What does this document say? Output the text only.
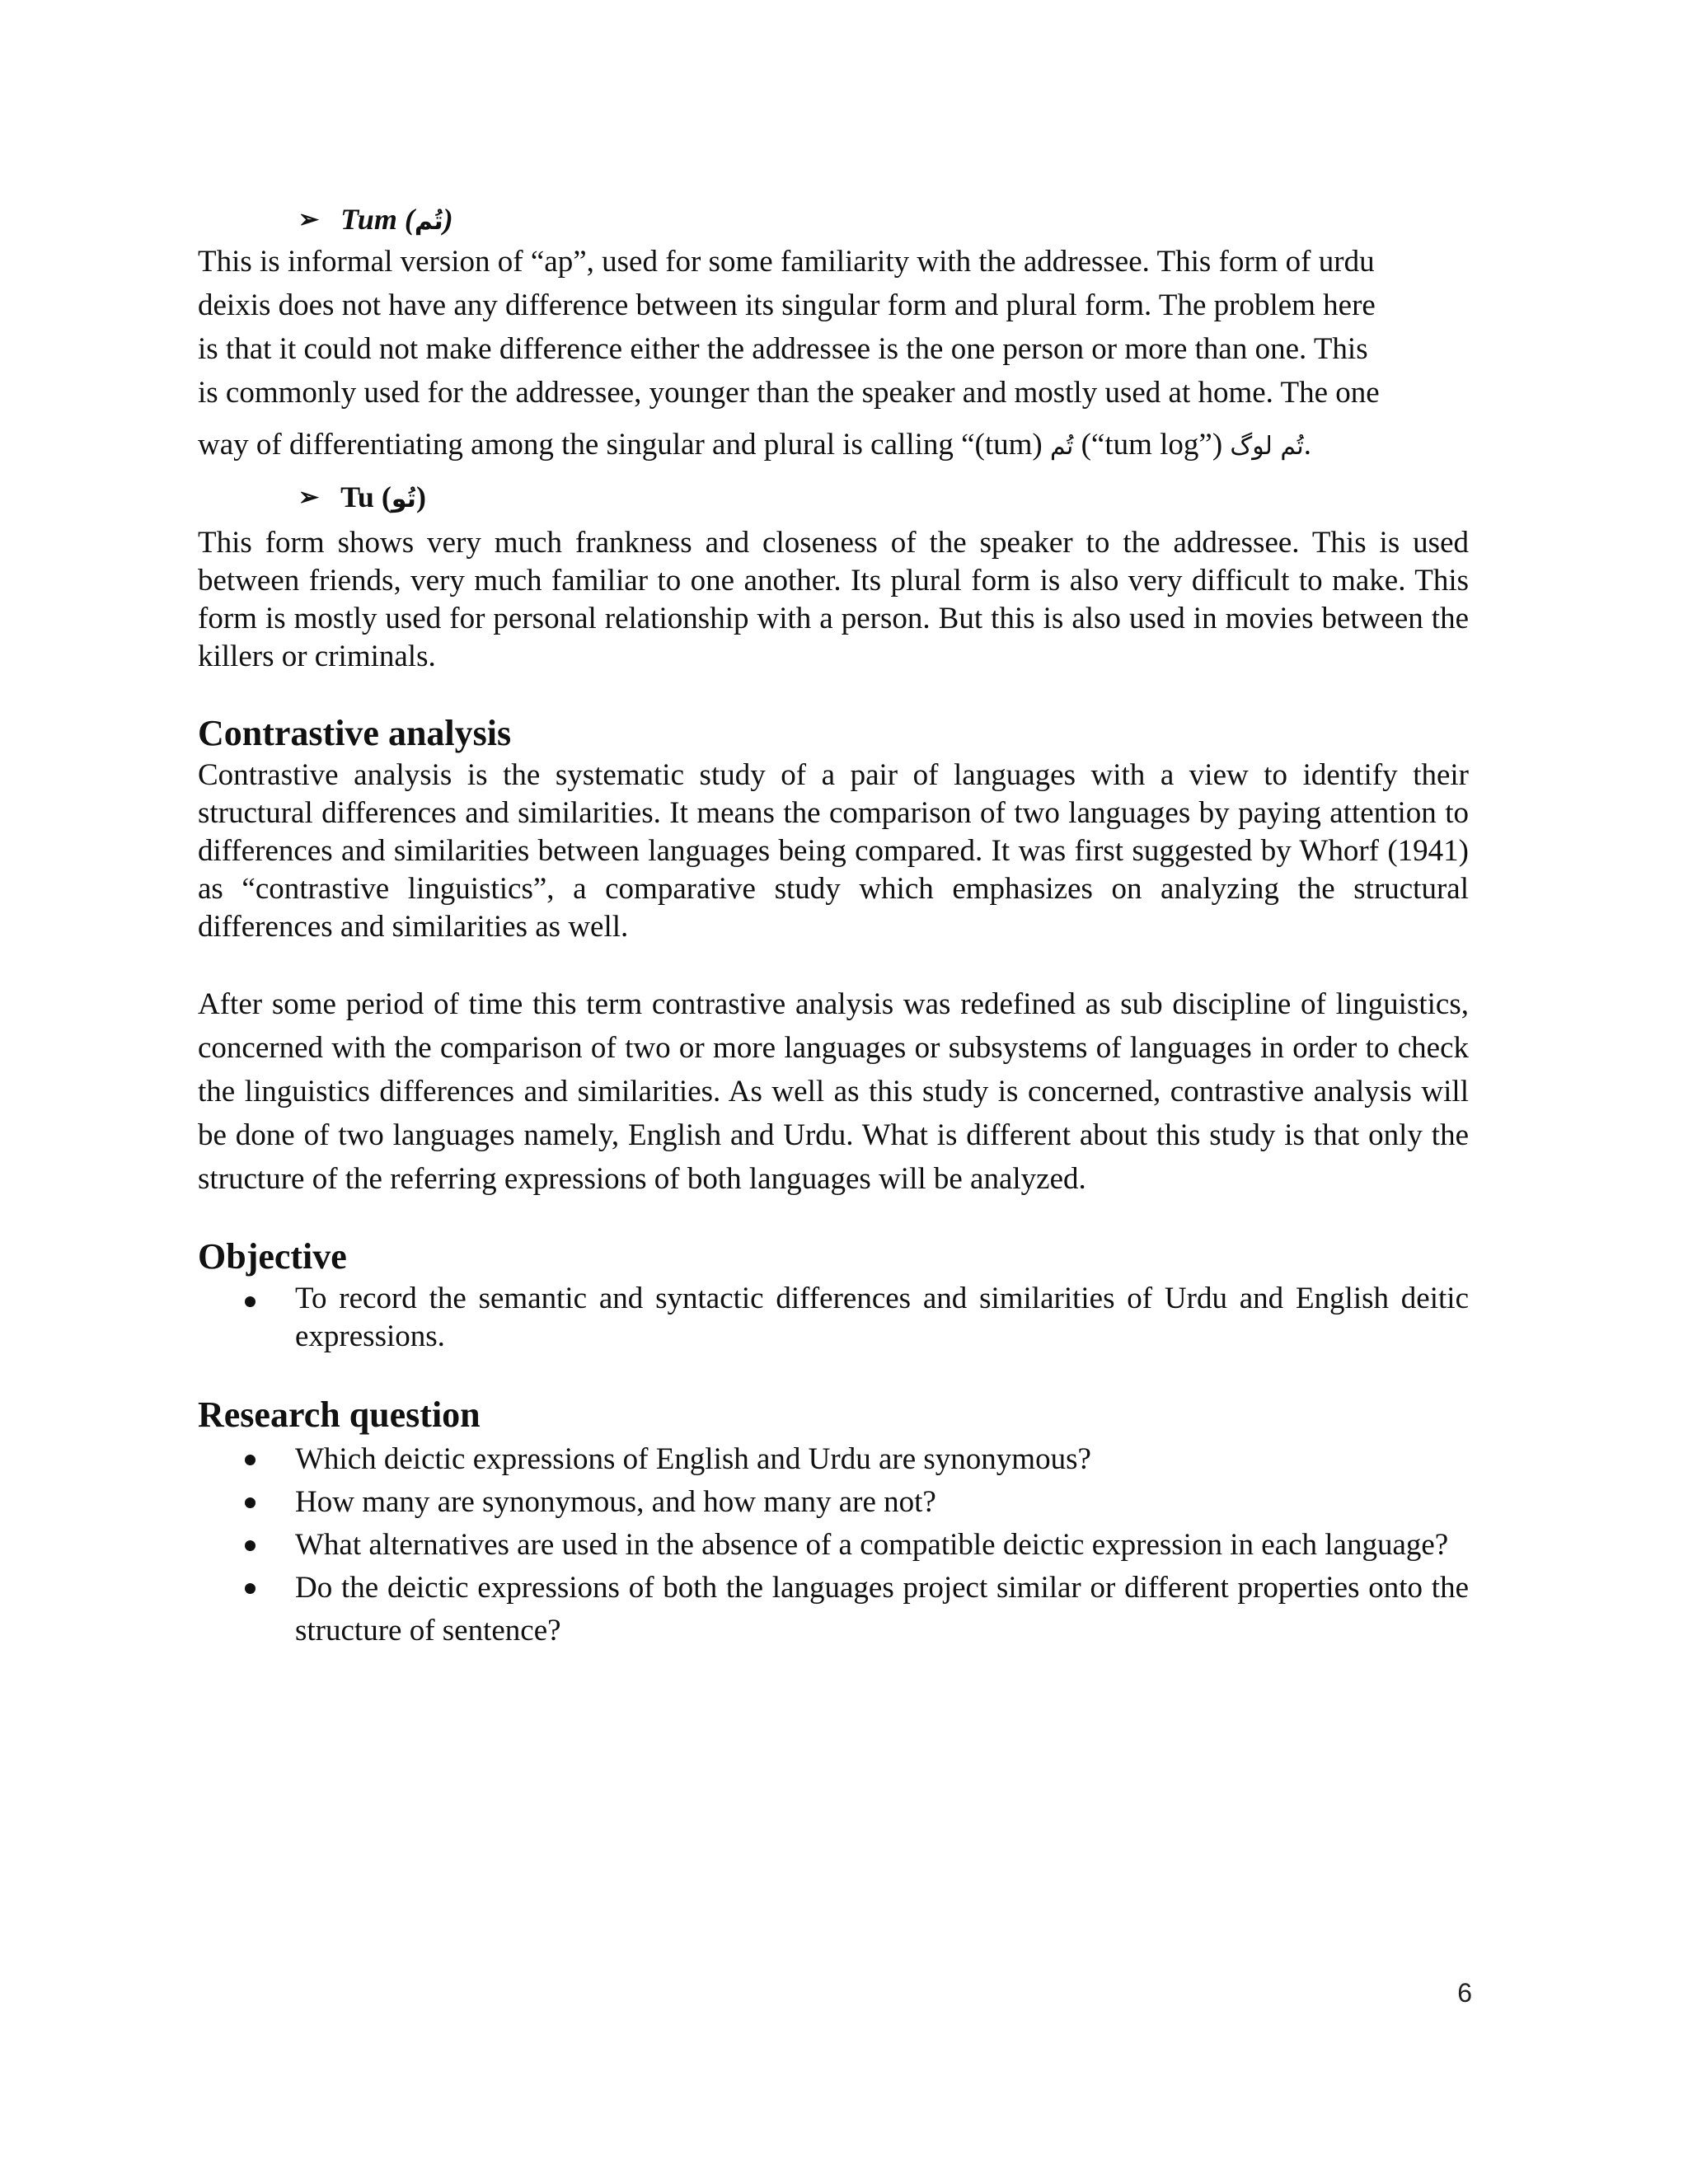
➢ Tum (تُم)
This is informal version of “ap”, used for some familiarity with the addressee. This form of urdu
deixis does not have any difference between its singular form and plural form. The problem here
is that it could not make difference either the addressee is the one person or more than one. This
is commonly used for the addressee, younger than the speaker and mostly used at home. The one
way of differentiating among the singular and plural is calling “(tum) تُم (“tum log”) تُم لوگ.
➢ Tu (تُو)

This form shows very much frankness and closeness of the speaker to the addressee. This is used between friends, very much familiar to one another. Its plural form is also very difficult to make. This form is mostly used for personal relationship with a person. But this is also used in movies between the killers or criminals.

Contrastive analysis

Contrastive analysis is the systematic study of a pair of languages with a view to identify their structural differences and similarities. It means the comparison of two languages by paying attention to differences and similarities between languages being compared. It was first suggested by Whorf (1941) as “contrastive linguistics”, a comparative study which emphasizes on analyzing the structural differences and similarities as well.

After some period of time this term contrastive analysis was redefined as sub discipline of linguistics, concerned with the comparison of two or more languages or subsystems of languages in order to check the linguistics differences and similarities. As well as this study is concerned, contrastive analysis will be done of two languages namely, English and Urdu. What is different about this study is that only the structure of the referring expressions of both languages will be analyzed.

Objective
To record the semantic and syntactic differences and similarities of Urdu and English deitic expressions.
Research question
Which deictic expressions of English and Urdu are synonymous?
How many are synonymous, and how many are not?
What alternatives are used in the absence of a compatible deictic expression in each language?
Do the deictic expressions of both the languages project similar or different properties onto the structure of sentence?
6
